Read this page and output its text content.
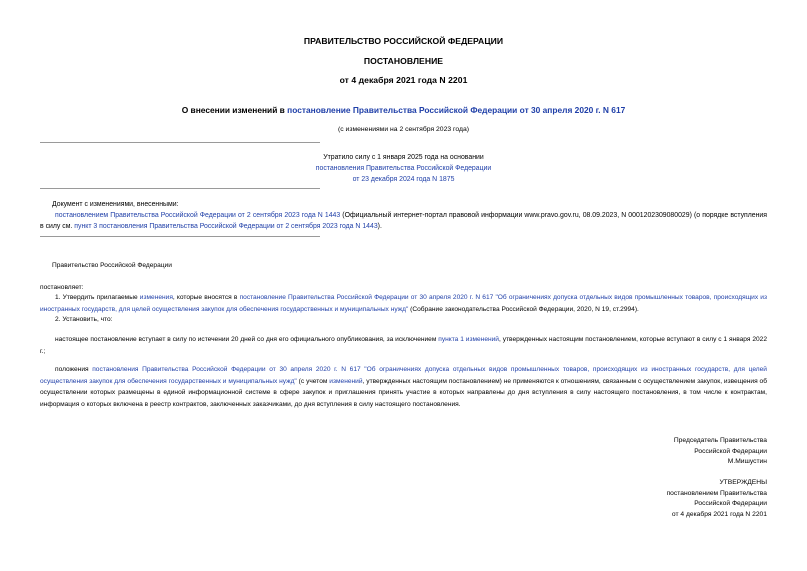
ПРАВИТЕЛЬСТВО РОССИЙСКОЙ ФЕДЕРАЦИИ
ПОСТАНОВЛЕНИЕ
от 4 декабря 2021 года N 2201
О внесении изменений в постановление Правительства Российской Федерации от 30 апреля 2020 г. N 617
(с изменениями на 2 сентября 2023 года)

Утратило силу с 1 января 2025 года на основании

постановления Правительства Российской Федерации

от 23 декабря 2024 года N 1875

Документ с изменениями, внесенными:
постановлением Правительства Российской Федерации от 2 сентября 2023 года N 1443 (Официальный интернет-портал правовой информации www.pravo.gov.ru, 08.09.2023, N 0001202309080029) (о порядке вступления в силу см. пункт 3 постановления Правительства Российской Федерации от 2 сентября 2023 года N 1443).
Правительство Российской Федерации
постановляет:
1. Утвердить прилагаемые изменения, которые вносятся в постановление Правительства Российской Федерации от 30 апреля 2020 г. N 617 "Об ограничениях допуска отдельных видов промышленных товаров, происходящих из иностранных государств, для целей осуществления закупок для обеспечения государственных и муниципальных нужд" (Собрание законодательства Российской Федерации, 2020, N 19, ст.2994).
2. Установить, что:
настоящее постановление вступает в силу по истечении 20 дней со дня его официального опубликования, за исключением пункта 1 изменений, утвержденных настоящим постановлением, которые вступают в силу с 1 января 2022 г.;
положения постановления Правительства Российской Федерации от 30 апреля 2020 г. N 617 "Об ограничениях допуска отдельных видов промышленных товаров, происходящих из иностранных государств, для целей осуществления закупок для обеспечения государственных и муниципальных нужд" (с учетом изменений, утвержденных настоящим постановлением) не применяются к отношениям, связанным с осуществлением закупок, извещения об осуществлении которых размещены в единой информационной системе в сфере закупок и приглашения принять участие в которых направлены до дня вступления в силу настоящего постановления, в том числе к контрактам, информация о которых включена в реестр контрактов, заключенных заказчиками, до дня вступления в силу настоящего постановления.

Председатель Правительства

Российской Федерации

М.Мишустин

УТВЕРЖДЕНЫ

постановлением Правительства

Российской Федерации

от 4 декабря 2021 года N 2201
